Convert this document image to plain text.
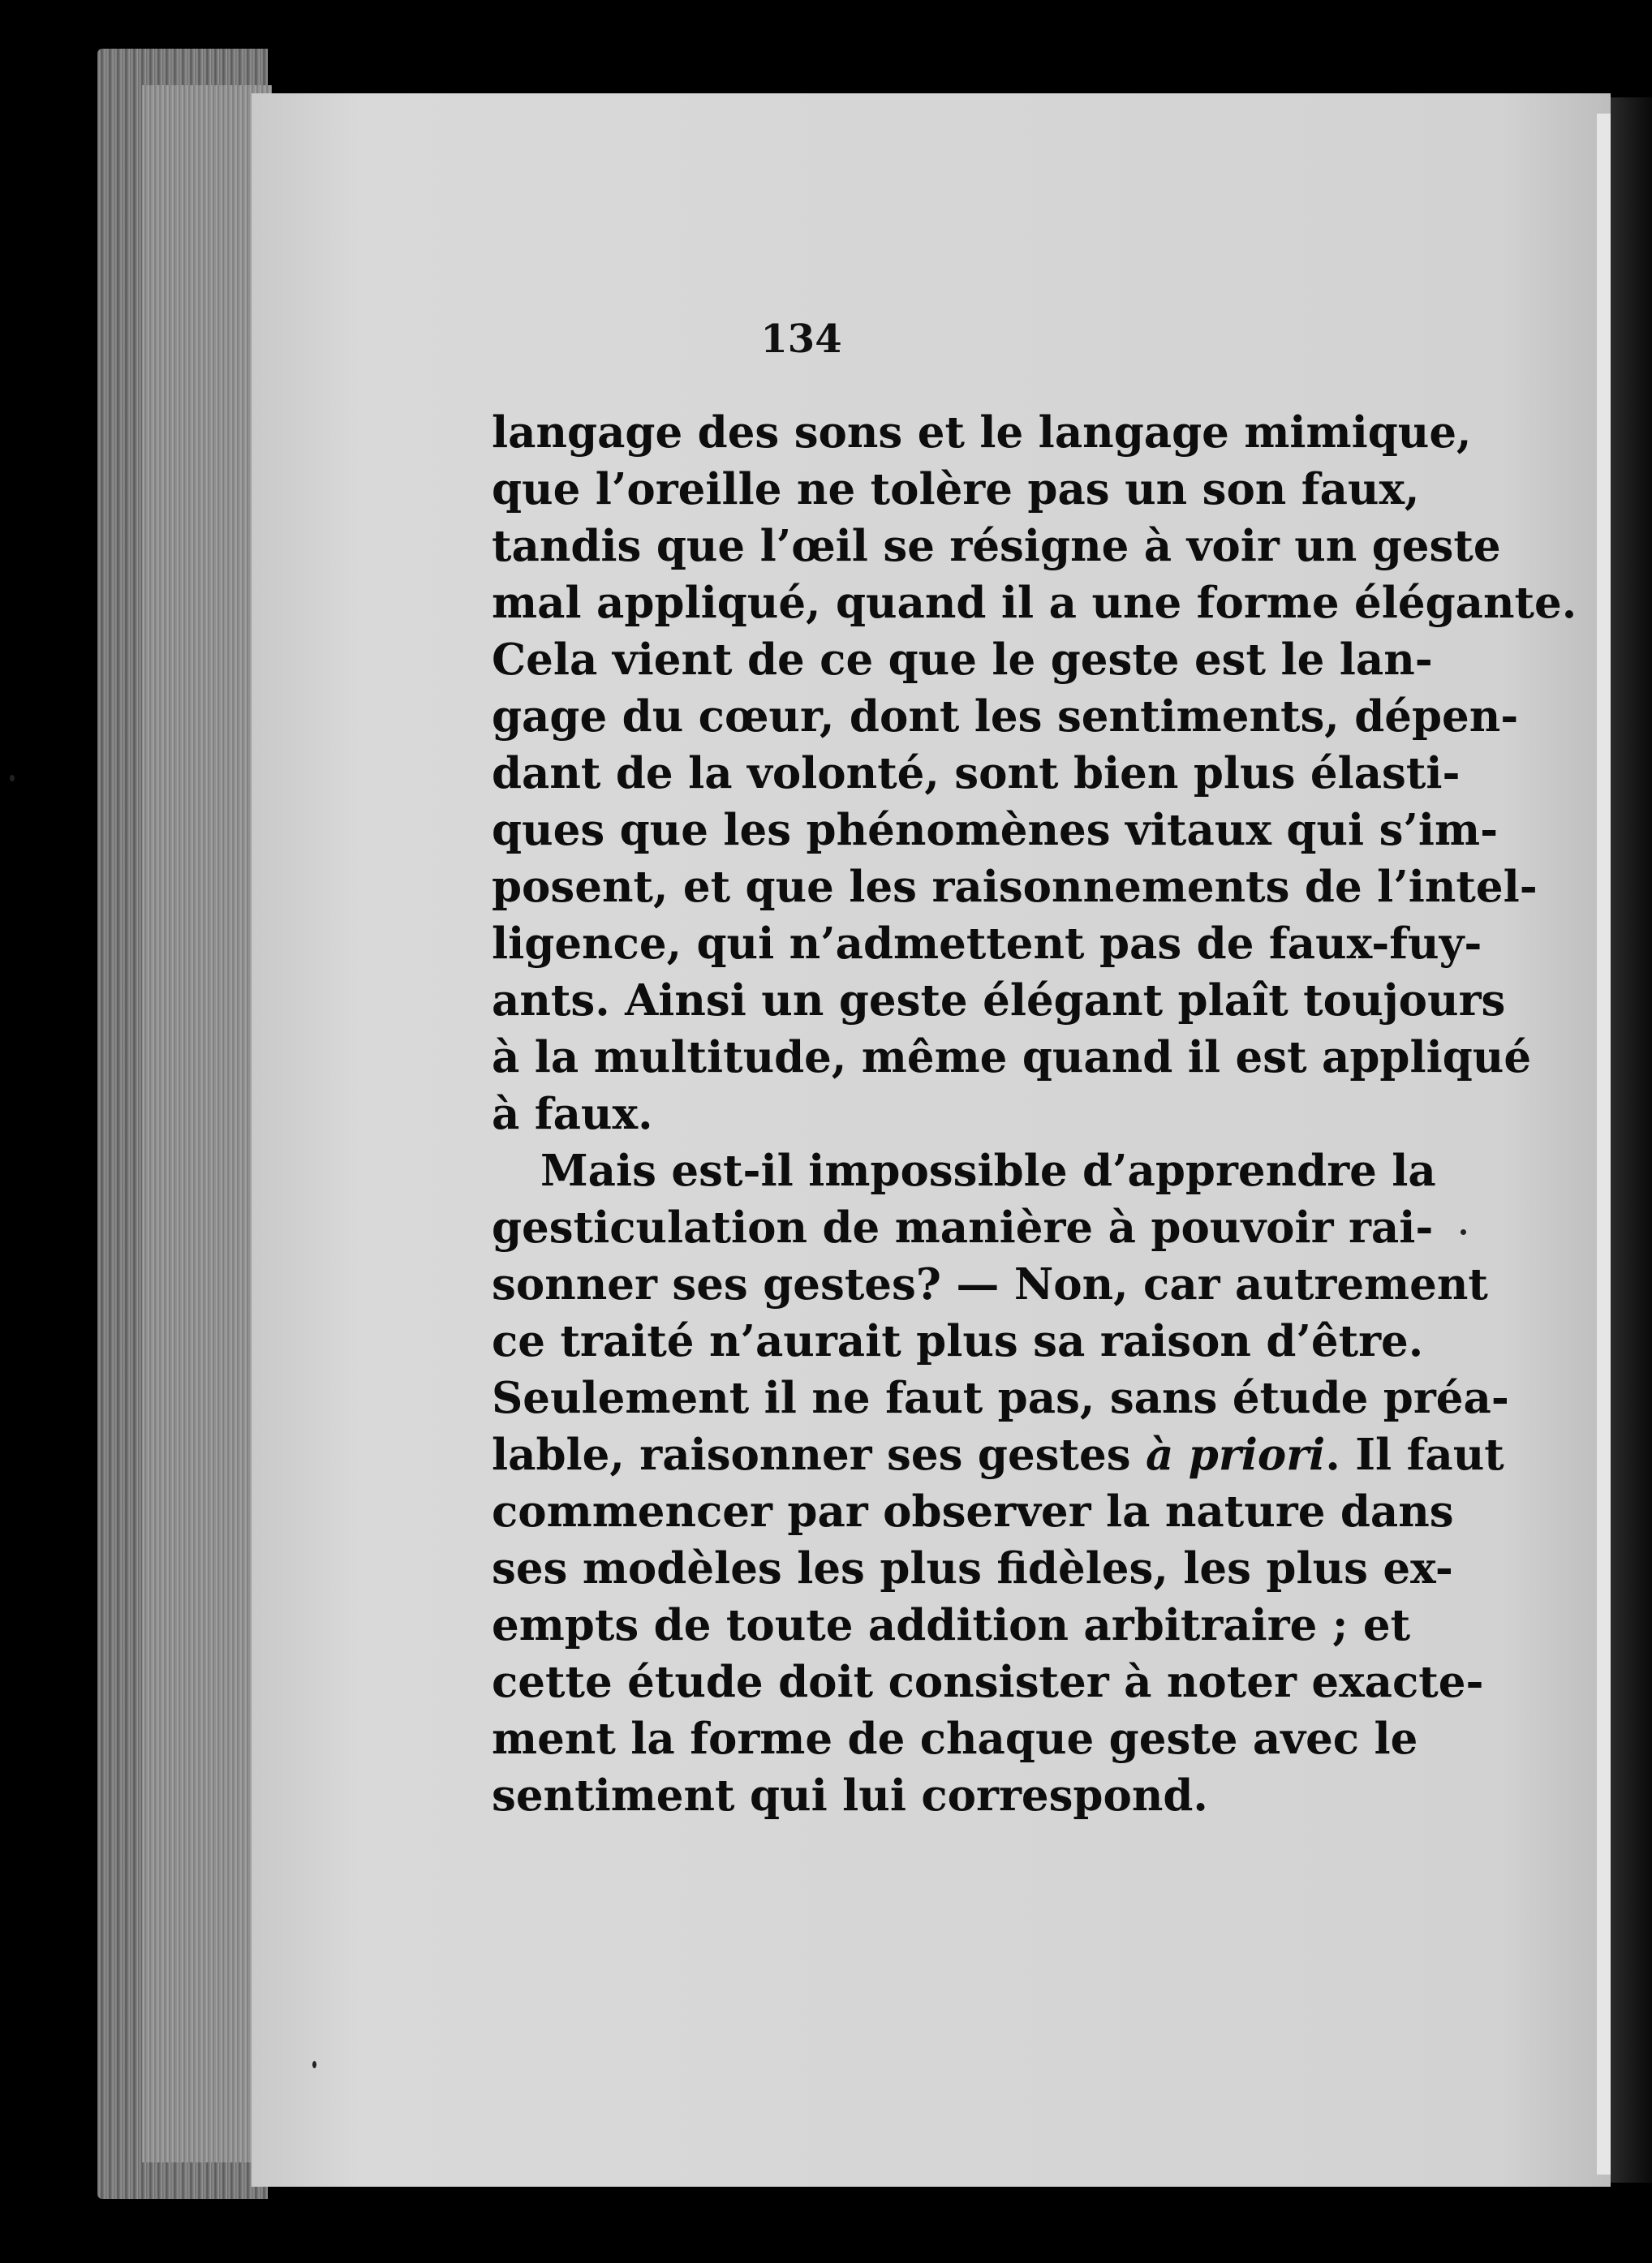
134
langage des sons et le langage mimique,
que l’oreille ne tolère pas un son faux,
tandis que l’œil se résigne à voir un geste
mal appliqué, quand il a une forme élégante.
Cela vient de ce que le geste est le lan-
gage du cœur, dont les sentiments, dépen-
dant de la volonté, sont bien plus élasti-
ques que les phénomènes vitaux qui s’im-
posent, et que les raisonnements de l’intel-
ligence, qui n’admettent pas de faux-fuy-
ants. Ainsi un geste élégant plaît toujours
à la multitude, même quand il est appliqué
à faux.
Mais est-il impossible d’apprendre la
gesticulation de manière à pouvoir rai-
sonner ses gestes? — Non, car autrement
ce traité n’aurait plus sa raison d’être.
Seulement il ne faut pas, sans étude préa-
lable, raisonner ses gestes à priori. Il faut
commencer par observer la nature dans
ses modèles les plus fidèles, les plus ex-
empts de toute addition arbitraire ; et
cette étude doit consister à noter exacte-
ment la forme de chaque geste avec le
sentiment qui lui correspond.
